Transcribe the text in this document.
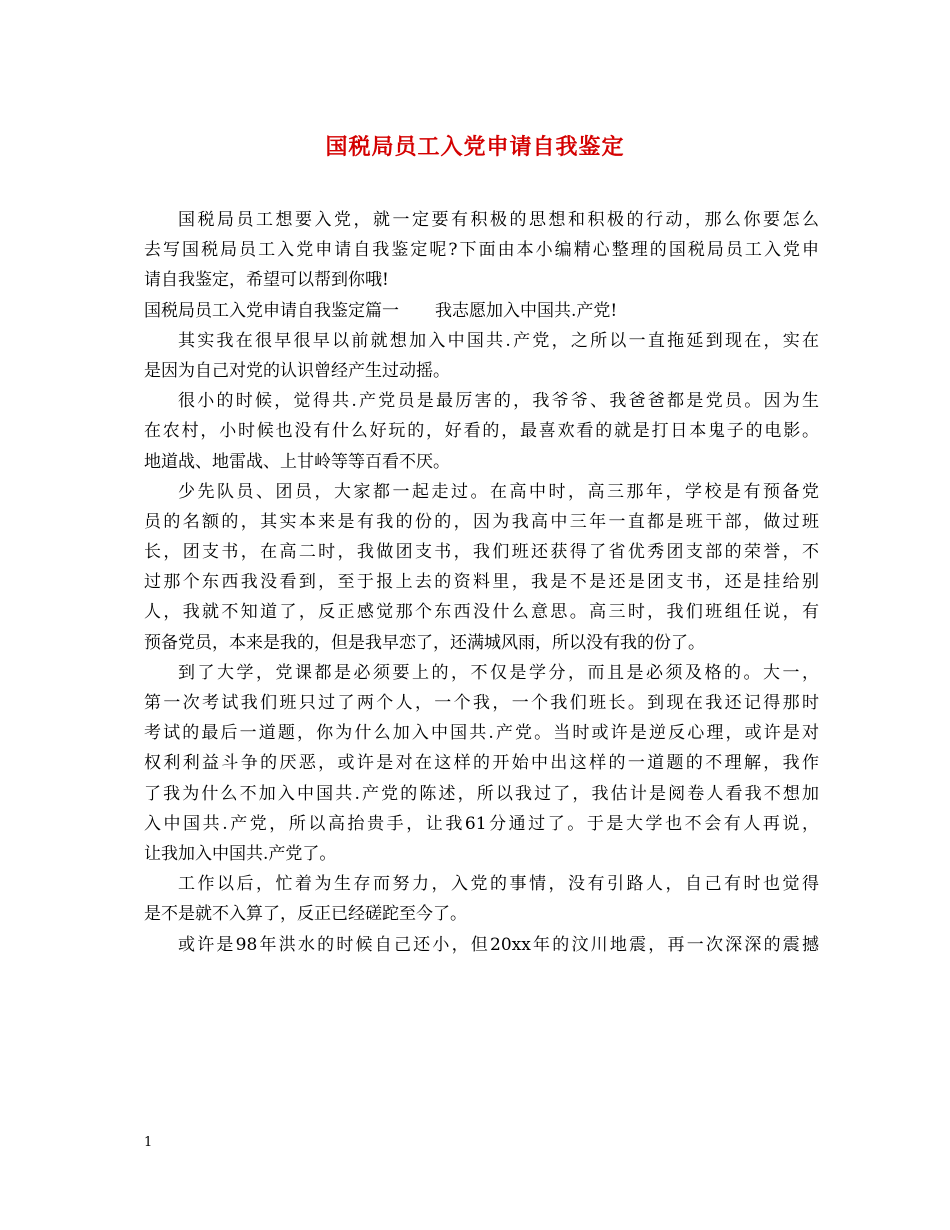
国税局员工入党申请自我鉴定
国税局员工想要入党，就一定要有积极的思想和积极的行动，那么你要怎么
去写国税局员工入党申请自我鉴定呢?下面由本小编精心整理的国税局员工入党申
请自我鉴定，希望可以帮到你哦!
国税局员工入党申请自我鉴定篇一 我志愿加入中国共.产党!
其实我在很早很早以前就想加入中国共.产党，之所以一直拖延到现在，实在
是因为自己对党的认识曾经产生过动摇。
很小的时候，觉得共.产党员是最厉害的，我爷爷、我爸爸都是党员。因为生
在农村，小时候也没有什么好玩的，好看的，最喜欢看的就是打日本鬼子的电影。
地道战、地雷战、上甘岭等等百看不厌。
少先队员、团员，大家都一起走过。在高中时，高三那年，学校是有预备党
员的名额的，其实本来是有我的份的，因为我高中三年一直都是班干部，做过班
长，团支书，在高二时，我做团支书，我们班还获得了省优秀团支部的荣誉，不
过那个东西我没看到，至于报上去的资料里，我是不是还是团支书，还是挂给别
人，我就不知道了，反正感觉那个东西没什么意思。高三时，我们班组任说，有
预备党员，本来是我的，但是我早恋了，还满城风雨，所以没有我的份了。
到了大学，党课都是必须要上的，不仅是学分，而且是必须及格的。大一，
第一次考试我们班只过了两个人，一个我，一个我们班长。到现在我还记得那时
考试的最后一道题，你为什么加入中国共.产党。当时或许是逆反心理，或许是对
权利利益斗争的厌恶，或许是对在这样的开始中出这样的一道题的不理解，我作
了我为什么不加入中国共.产党的陈述，所以我过了，我估计是阅卷人看我不想加
入中国共.产党，所以高抬贵手，让我61分通过了。于是大学也不会有人再说，
让我加入中国共.产党了。
工作以后，忙着为生存而努力，入党的事情，没有引路人，自己有时也觉得
是不是就不入算了，反正已经磋跎至今了。
或许是98年洪水的时候自己还小，但20xx年的汶川地震，再一次深深的震撼
1
